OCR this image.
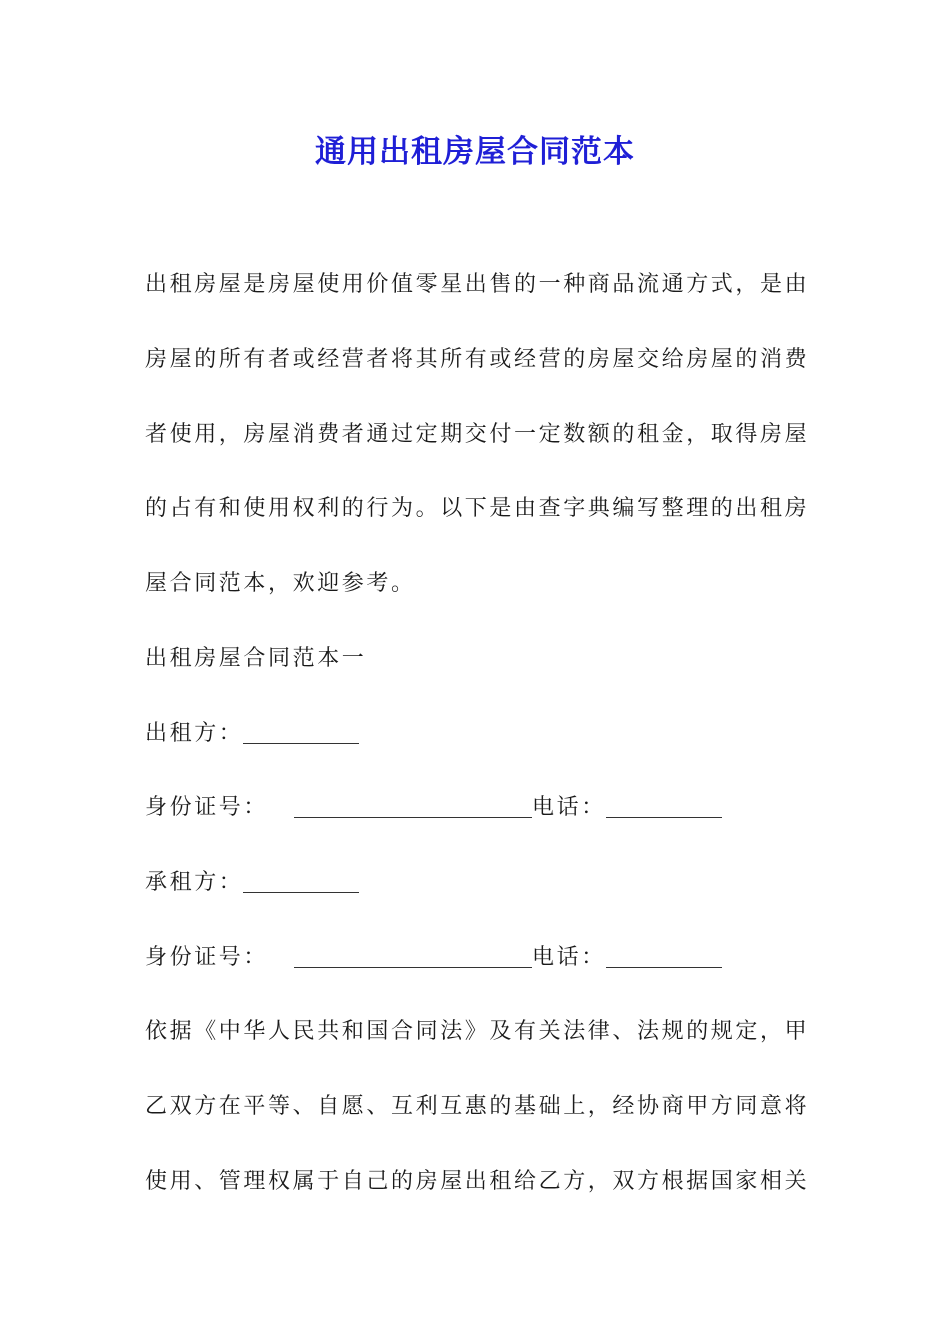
通用出租房屋合同范本

出租房屋是房屋使用价值零星出售的一种商品流通方式，是由

房屋的所有者或经营者将其所有或经营的房屋交给房屋的消费

者使用，房屋消费者通过定期交付一定数额的租金，取得房屋

的占有和使用权利的行为。以下是由查字典编写整理的出租房

屋合同范本，欢迎参考。

出租房屋合同范本一

出租方：

身份证号：	电话：

承租方：

身份证号：	电话：

依据《中华人民共和国合同法》及有关法律、法规的规定，甲

乙双方在平等、自愿、互利互惠的基础上，经协商甲方同意将

使用、管理权属于自己的房屋出租给乙方，双方根据国家相关
